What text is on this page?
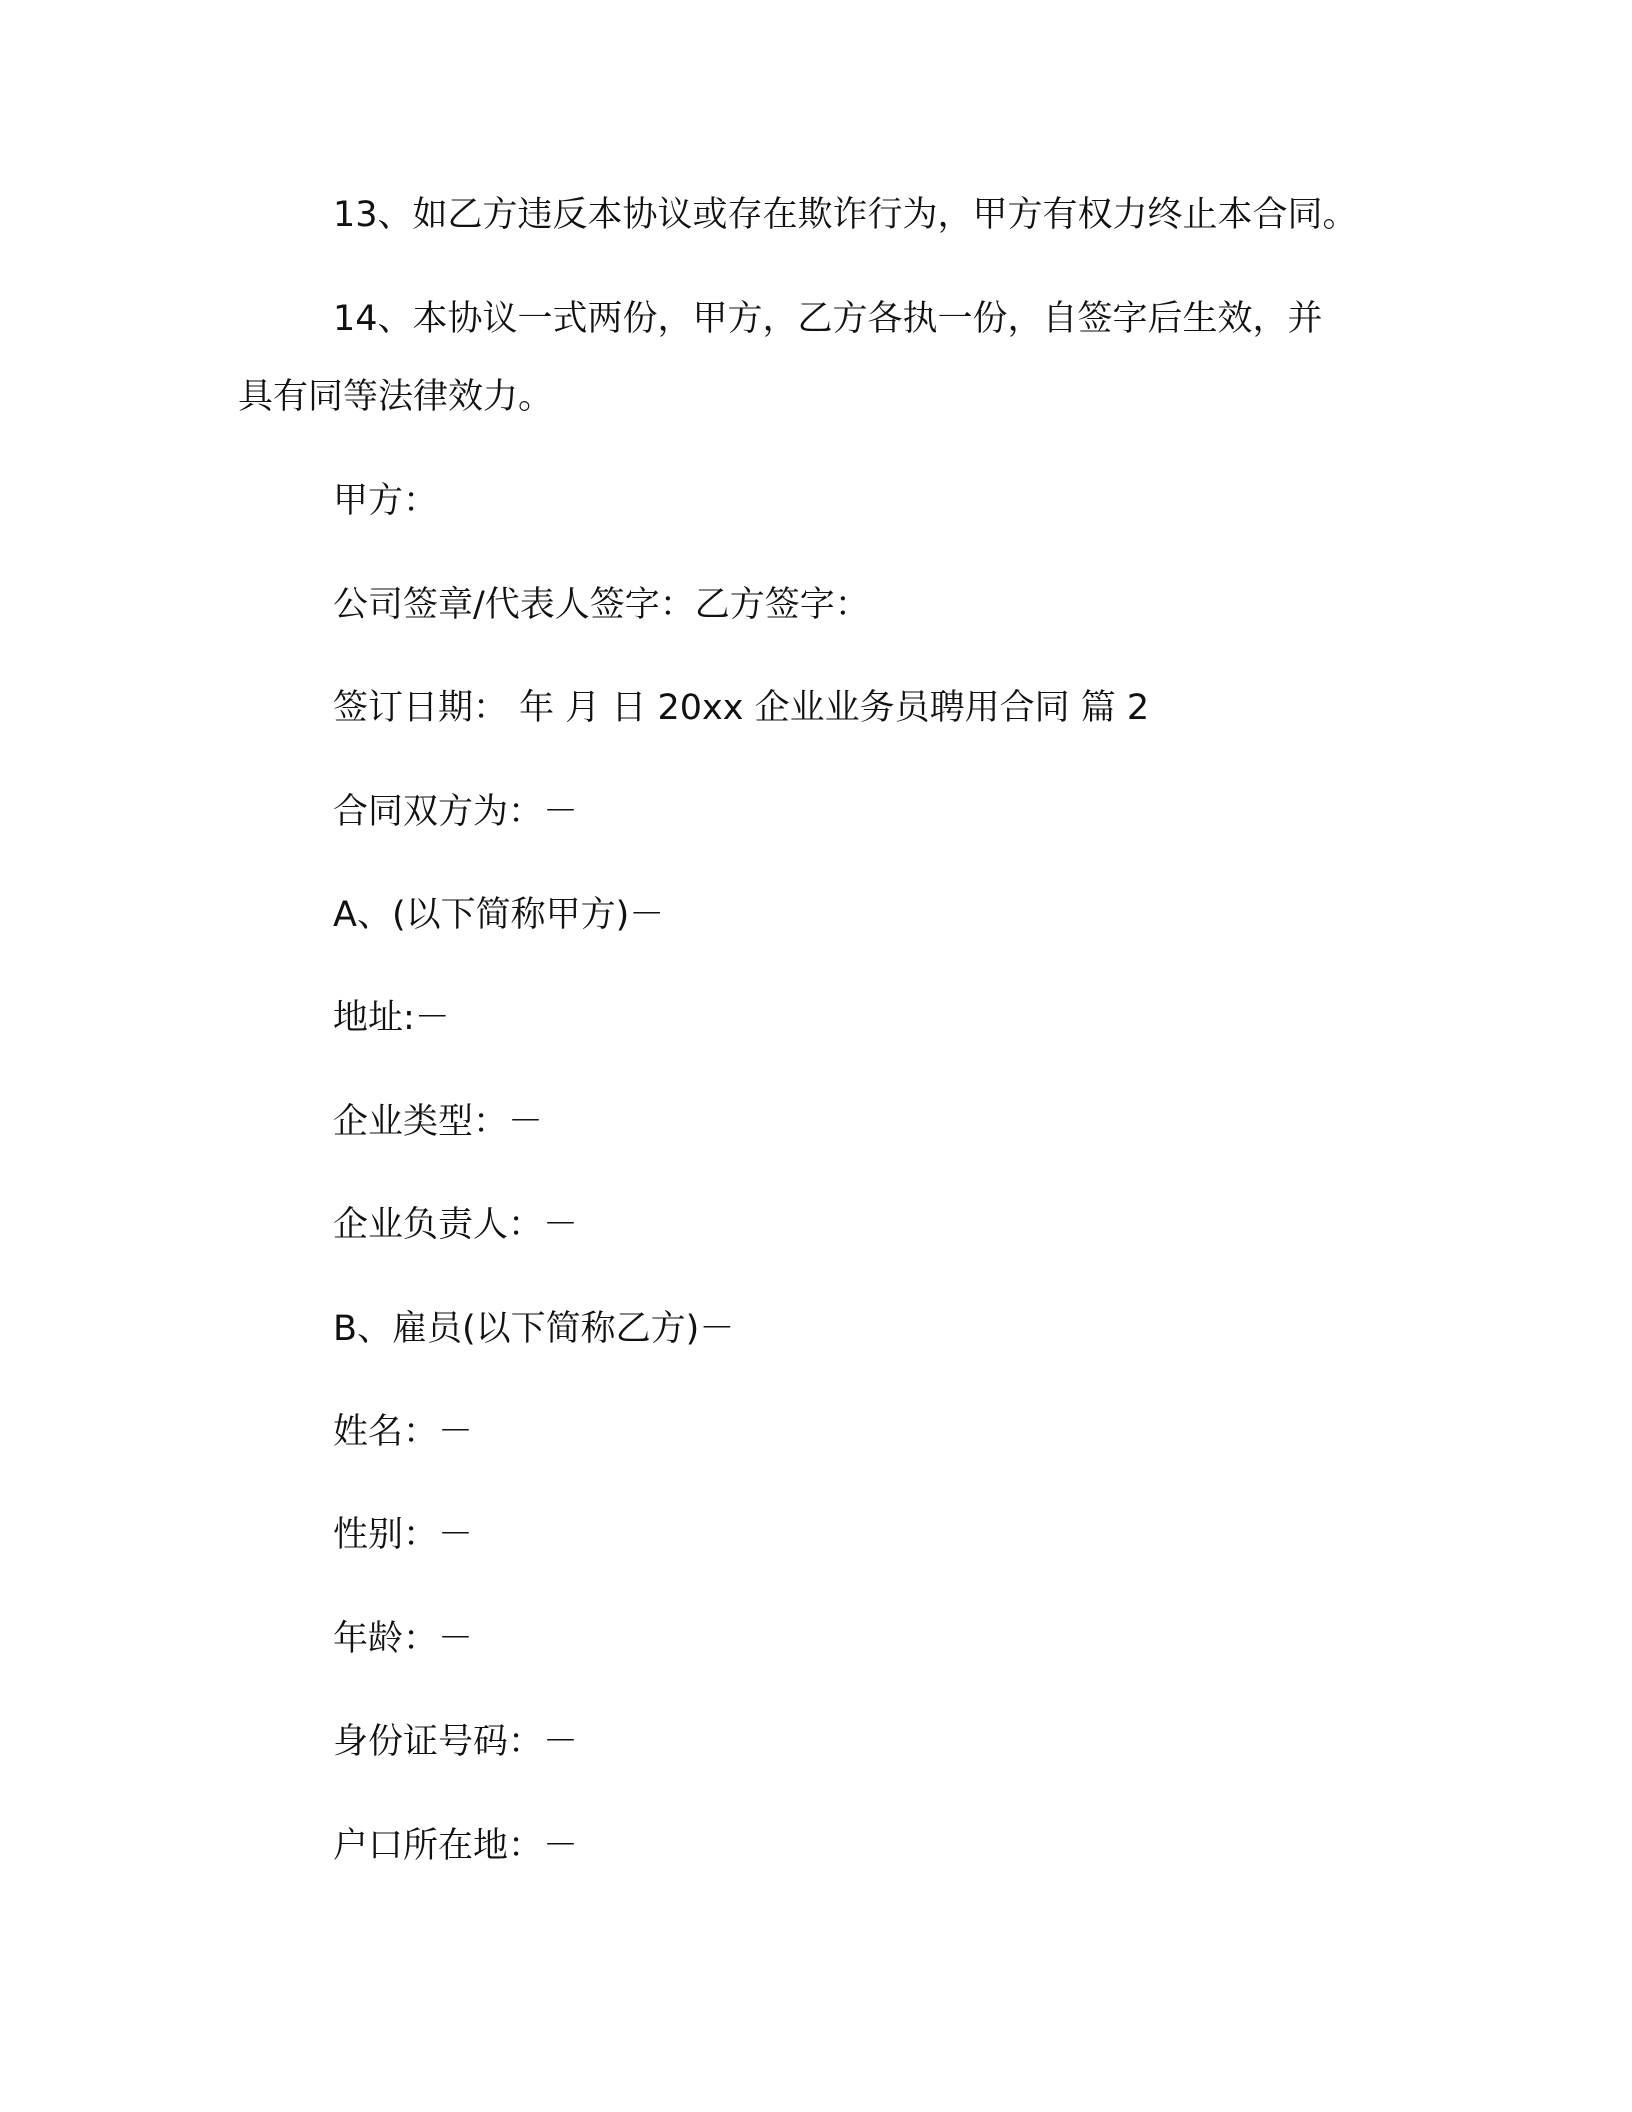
13、如乙方违反本协议或存在欺诈行为，甲方有权力终止本合同。

14、本协议一式两份，甲方，乙方各执一份，自签字后生效，并

具有同等法律效力。

甲方：

公司签章/代表人签字：乙方签字：

签订日期： 年 月 日 20xx 企业业务员聘用合同 篇 2

合同双方为：－

A、(以下简称甲方)－

地址:－

企业类型：－

企业负责人：－

B、雇员(以下简称乙方)－

姓名：－

性别：－

年龄：－

身份证号码：－

户口所在地：－
